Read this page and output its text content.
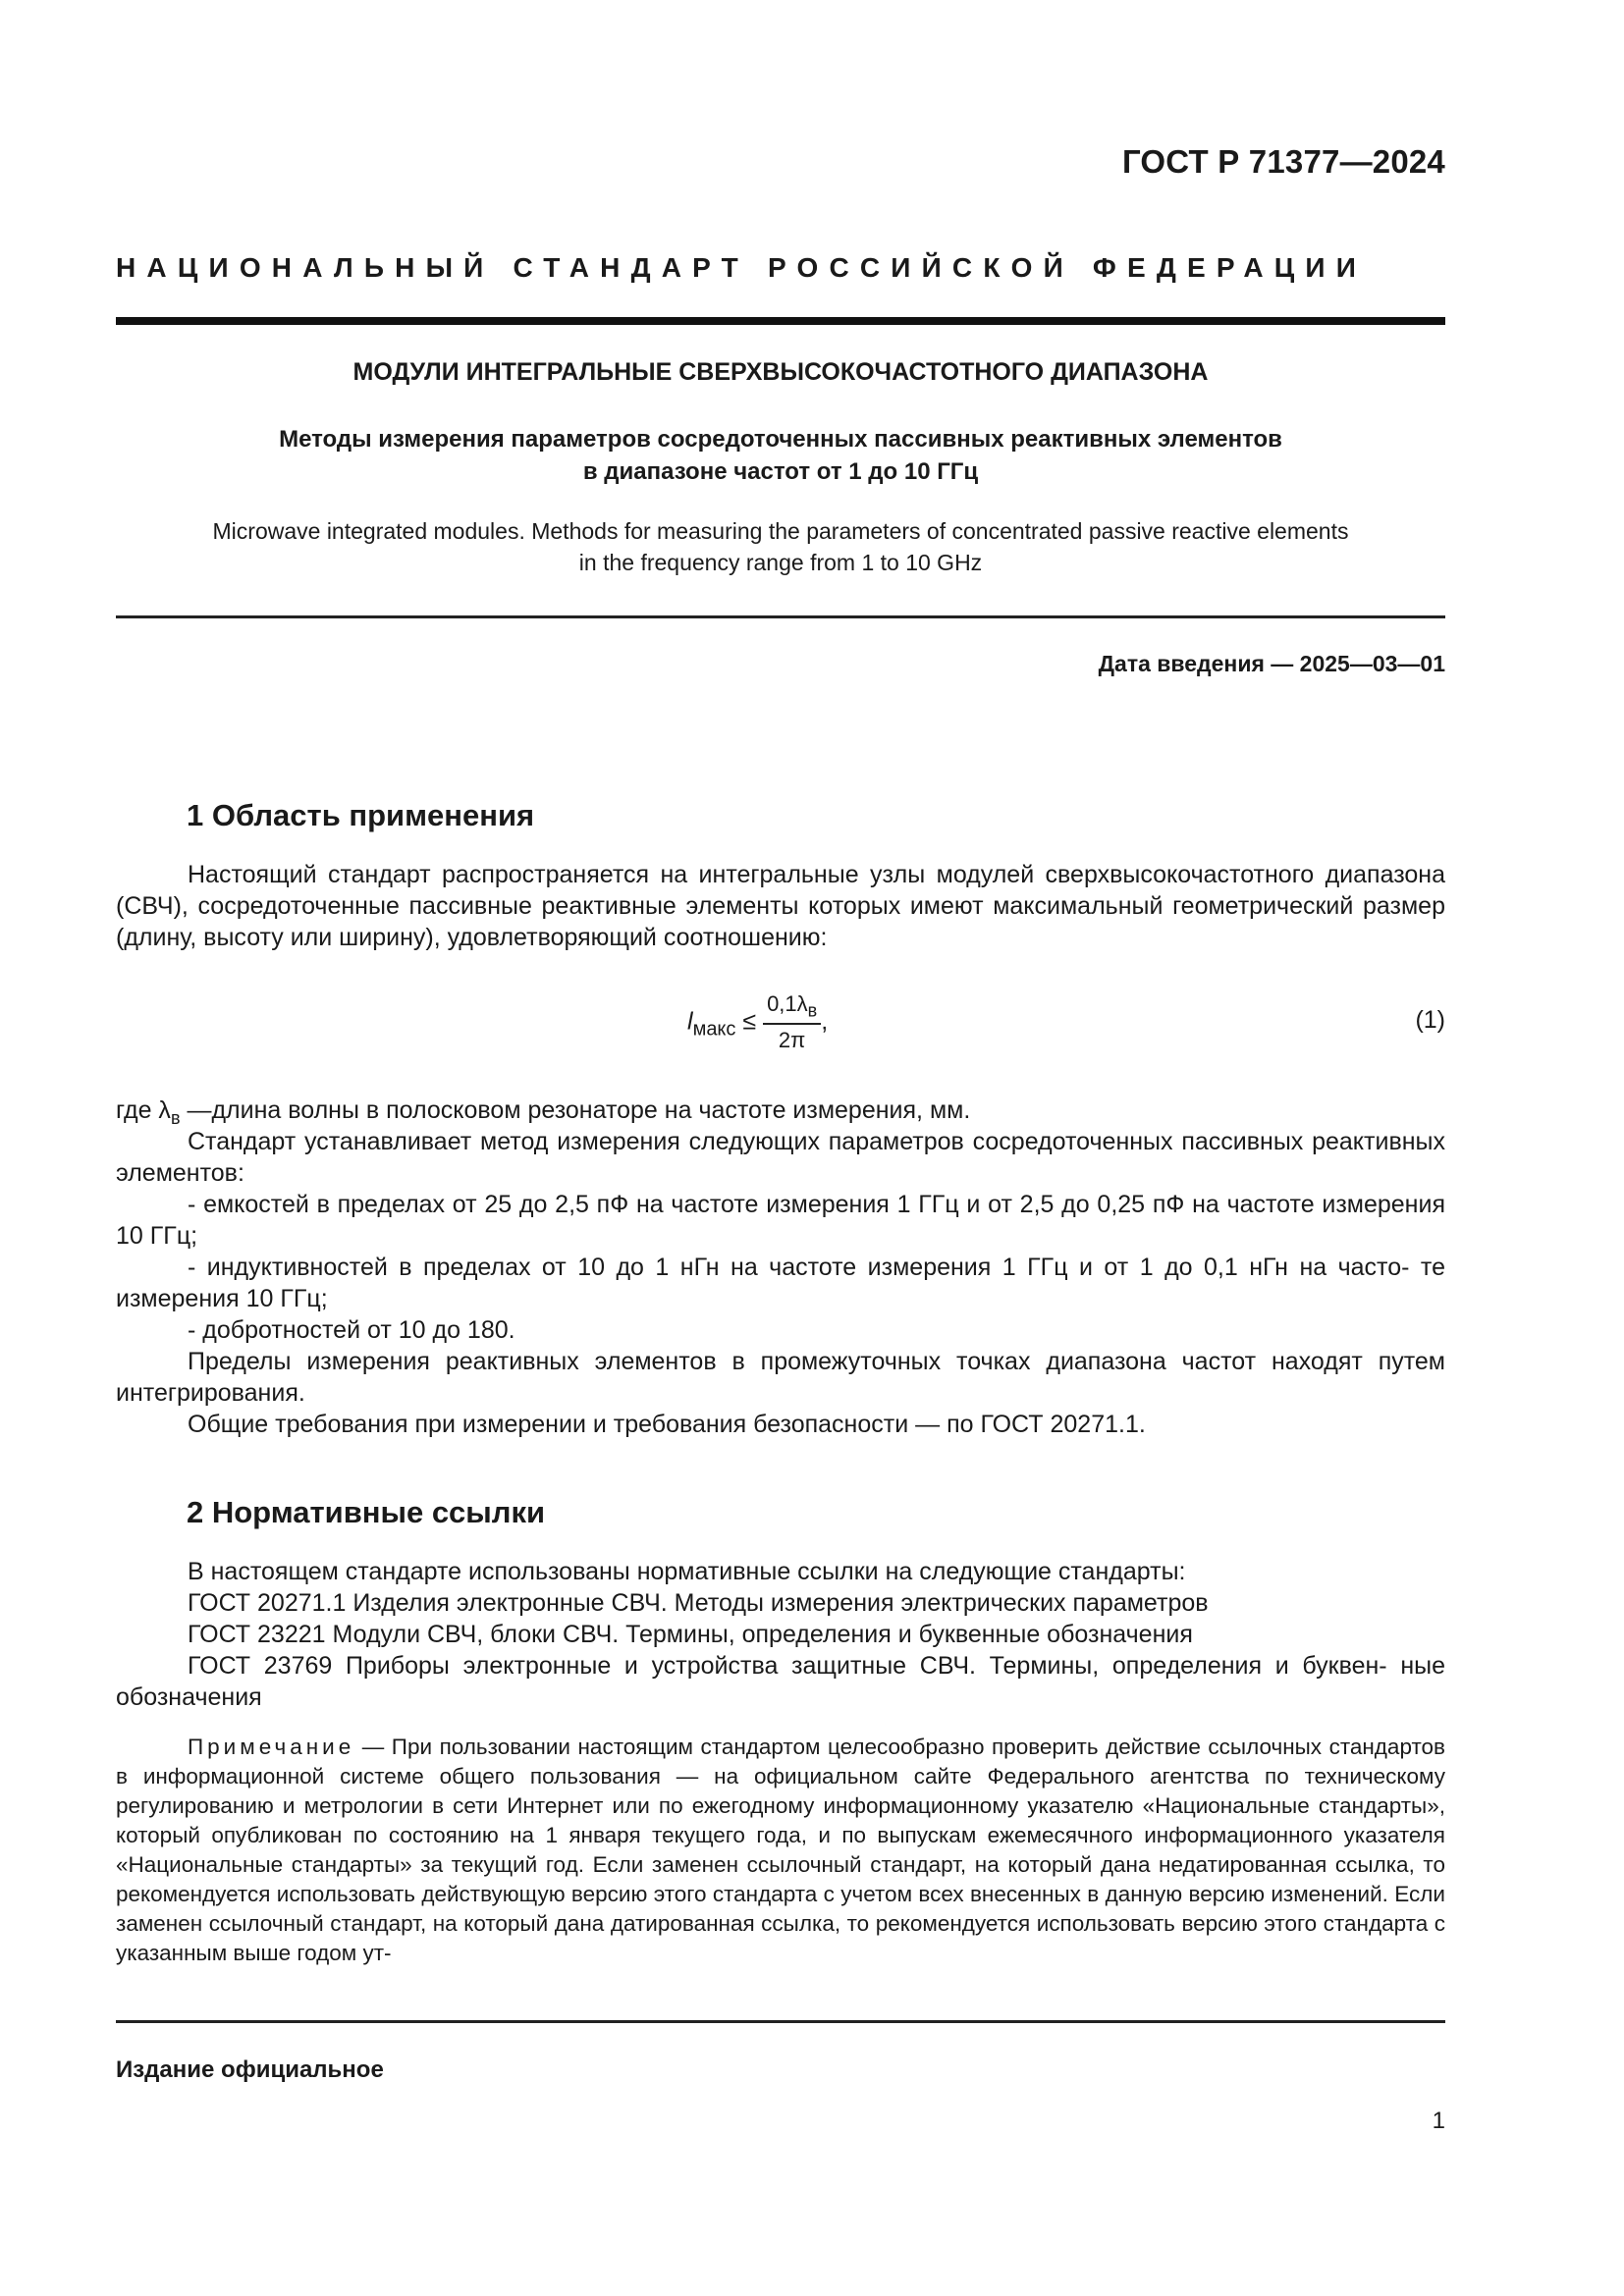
ГОСТ Р 71377—2024
НАЦИОНАЛЬНЫЙ СТАНДАРТ РОССИЙСКОЙ ФЕДЕРАЦИИ
МОДУЛИ ИНТЕГРАЛЬНЫЕ СВЕРХВЫСОКОЧАСТОТНОГО ДИАПАЗОНА
Методы измерения параметров сосредоточенных пассивных реактивных элементов
в диапазоне частот от 1 до 10 ГГц
Microwave integrated modules. Methods for measuring the parameters of concentrated passive reactive elements
in the frequency range from 1 to 10 GHz
Дата введения — 2025—03—01
1 Область применения
Настоящий стандарт распространяется на интегральные узлы модулей сверхвысокочастотного диапазона (СВЧ), сосредоточенные пассивные реактивные элементы которых имеют максимальный геометрический размер (длину, высоту или ширину), удовлетворяющий соотношению:
$l_{макс} \le \frac{0,1\lambda_в}{2\pi}$ ,	(1)
где $\lambda_в$ —длина волны в полосковом резонаторе на частоте измерения, мм.
Стандарт устанавливает метод измерения следующих параметров сосредоточенных пассивных реактивных элементов:
- емкостей в пределах от 25 до 2,5 пФ на частоте измерения 1 ГГц и от 2,5 до 0,25 пФ на частоте измерения 10 ГГц;
- индуктивностей в пределах от 10 до 1 нГн на частоте измерения 1 ГГц и от 1 до 0,1 нГн на часто- те измерения 10 ГГц;
- добротностей от 10 до 180.
Пределы измерения реактивных элементов в промежуточных точках диапазона частот находят путем интегрирования.
Общие требования при измерении и требования безопасности — по ГОСТ 20271.1.
2 Нормативные ссылки
В настоящем стандарте использованы нормативные ссылки на следующие стандарты:
ГОСТ 20271.1 Изделия электронные СВЧ. Методы измерения электрических параметров
ГОСТ 23221 Модули СВЧ, блоки СВЧ. Термины, определения и буквенные обозначения
ГОСТ 23769 Приборы электронные и устройства защитные СВЧ. Термины, определения и буквен- ные обозначения
Примечание — При пользовании настоящим стандартом целесообразно проверить действие ссылочных стандартов в информационной системе общего пользования — на официальном сайте Федерального агентства по техническому регулированию и метрологии в сети Интернет или по ежегодному информационному указателю «Национальные стандарты», который опубликован по состоянию на 1 января текущего года, и по выпускам ежемесячного информационного указателя «Национальные стандарты» за текущий год. Если заменен ссылочный стандарт, на который дана недатированная ссылка, то рекомендуется использовать действующую версию этого стандарта с учетом всех внесенных в данную версию изменений. Если заменен ссылочный стандарт, на который дана датированная ссылка, то рекомендуется использовать версию этого стандарта с указанным выше годом ут-
Издание официальное
1
